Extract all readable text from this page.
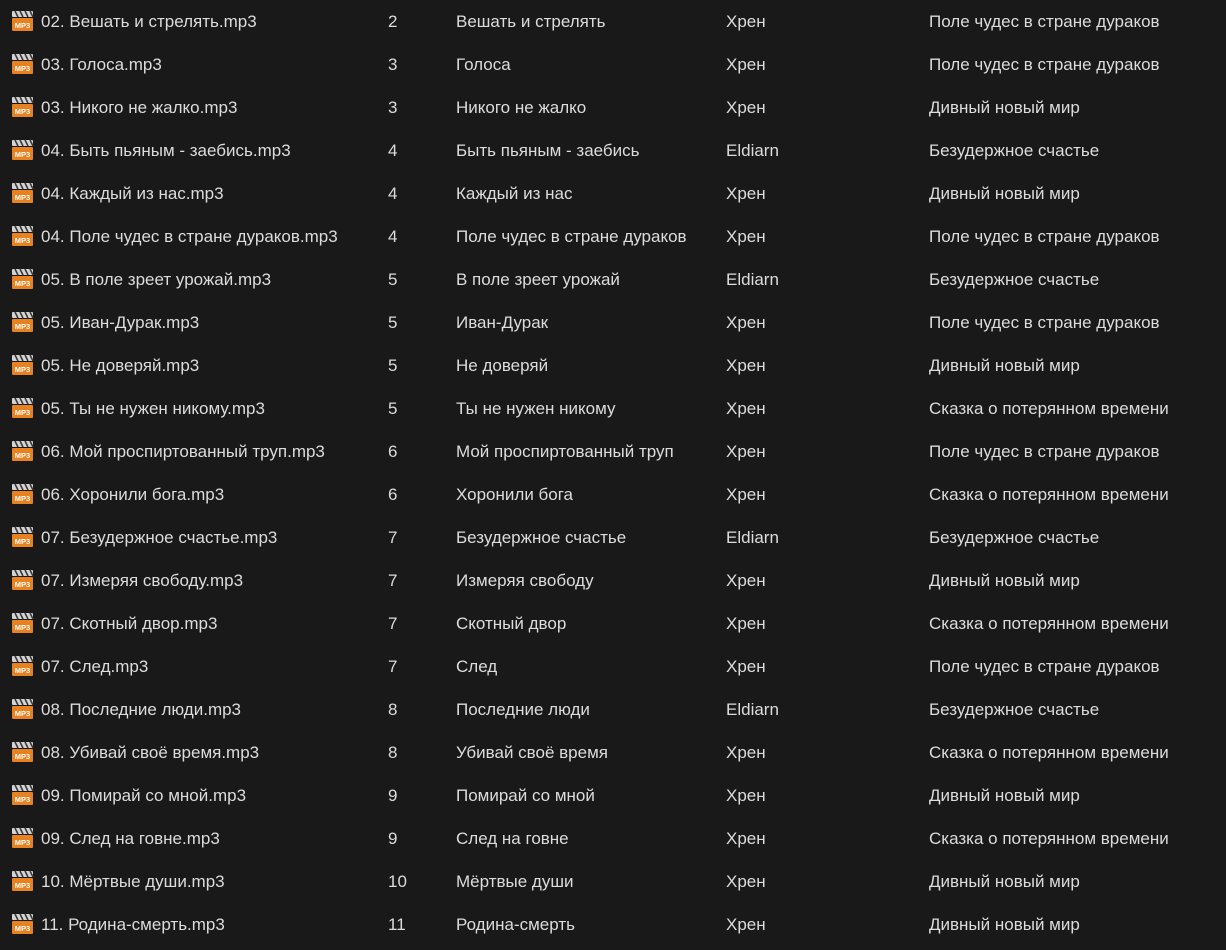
MP3 02. Вешать и стрелять.mp3	2	Вешать и стрелять	Хрен	Поле чудес в стране дураков
MP3 03. Голоса.mp3	3	Голоса	Хрен	Поле чудес в стране дураков
MP3 03. Никого не жалко.mp3	3	Никого не жалко	Хрен	Дивный новый мир
MP3 04. Быть пьяным - заебись.mp3	4	Быть пьяным - заебись	Eldiarn	Безудержное счастье
MP3 04. Каждый из нас.mp3	4	Каждый из нас	Хрен	Дивный новый мир
MP3 04. Поле чудес в стране дураков.mp3	4	Поле чудес в стране дураков	Хрен	Поле чудес в стране дураков
MP3 05. В поле зреет урожай.mp3	5	В поле зреет урожай	Eldiarn	Безудержное счастье
MP3 05. Иван-Дурак.mp3	5	Иван-Дурак	Хрен	Поле чудес в стране дураков
MP3 05. Не доверяй.mp3	5	Не доверяй	Хрен	Дивный новый мир
MP3 05. Ты не нужен никому.mp3	5	Ты не нужен никому	Хрен	Сказка о потерянном времени
MP3 06. Мой проспиртованный труп.mp3	6	Мой проспиртованный труп	Хрен	Поле чудес в стране дураков
MP3 06. Хоронили бога.mp3	6	Хоронили бога	Хрен	Сказка о потерянном времени
MP3 07. Безудержное счастье.mp3	7	Безудержное счастье	Eldiarn	Безудержное счастье
MP3 07. Измеряя свободу.mp3	7	Измеряя свободу	Хрен	Дивный новый мир
MP3 07. Скотный двор.mp3	7	Скотный двор	Хрен	Сказка о потерянном времени
MP3 07. След.mp3	7	След	Хрен	Поле чудес в стране дураков
MP3 08. Последние люди.mp3	8	Последние люди	Eldiarn	Безудержное счастье
MP3 08. Убивай своё время.mp3	8	Убивай своё время	Хрен	Сказка о потерянном времени
MP3 09. Помирай со мной.mp3	9	Помирай со мной	Хрен	Дивный новый мир
MP3 09. След на говне.mp3	9	След на говне	Хрен	Сказка о потерянном времени
MP3 10. Мёртвые души.mp3	10	Мёртвые души	Хрен	Дивный новый мир
MP3 11. Родина-смерть.mp3	11	Родина-смерть	Хрен	Дивный новый мир
